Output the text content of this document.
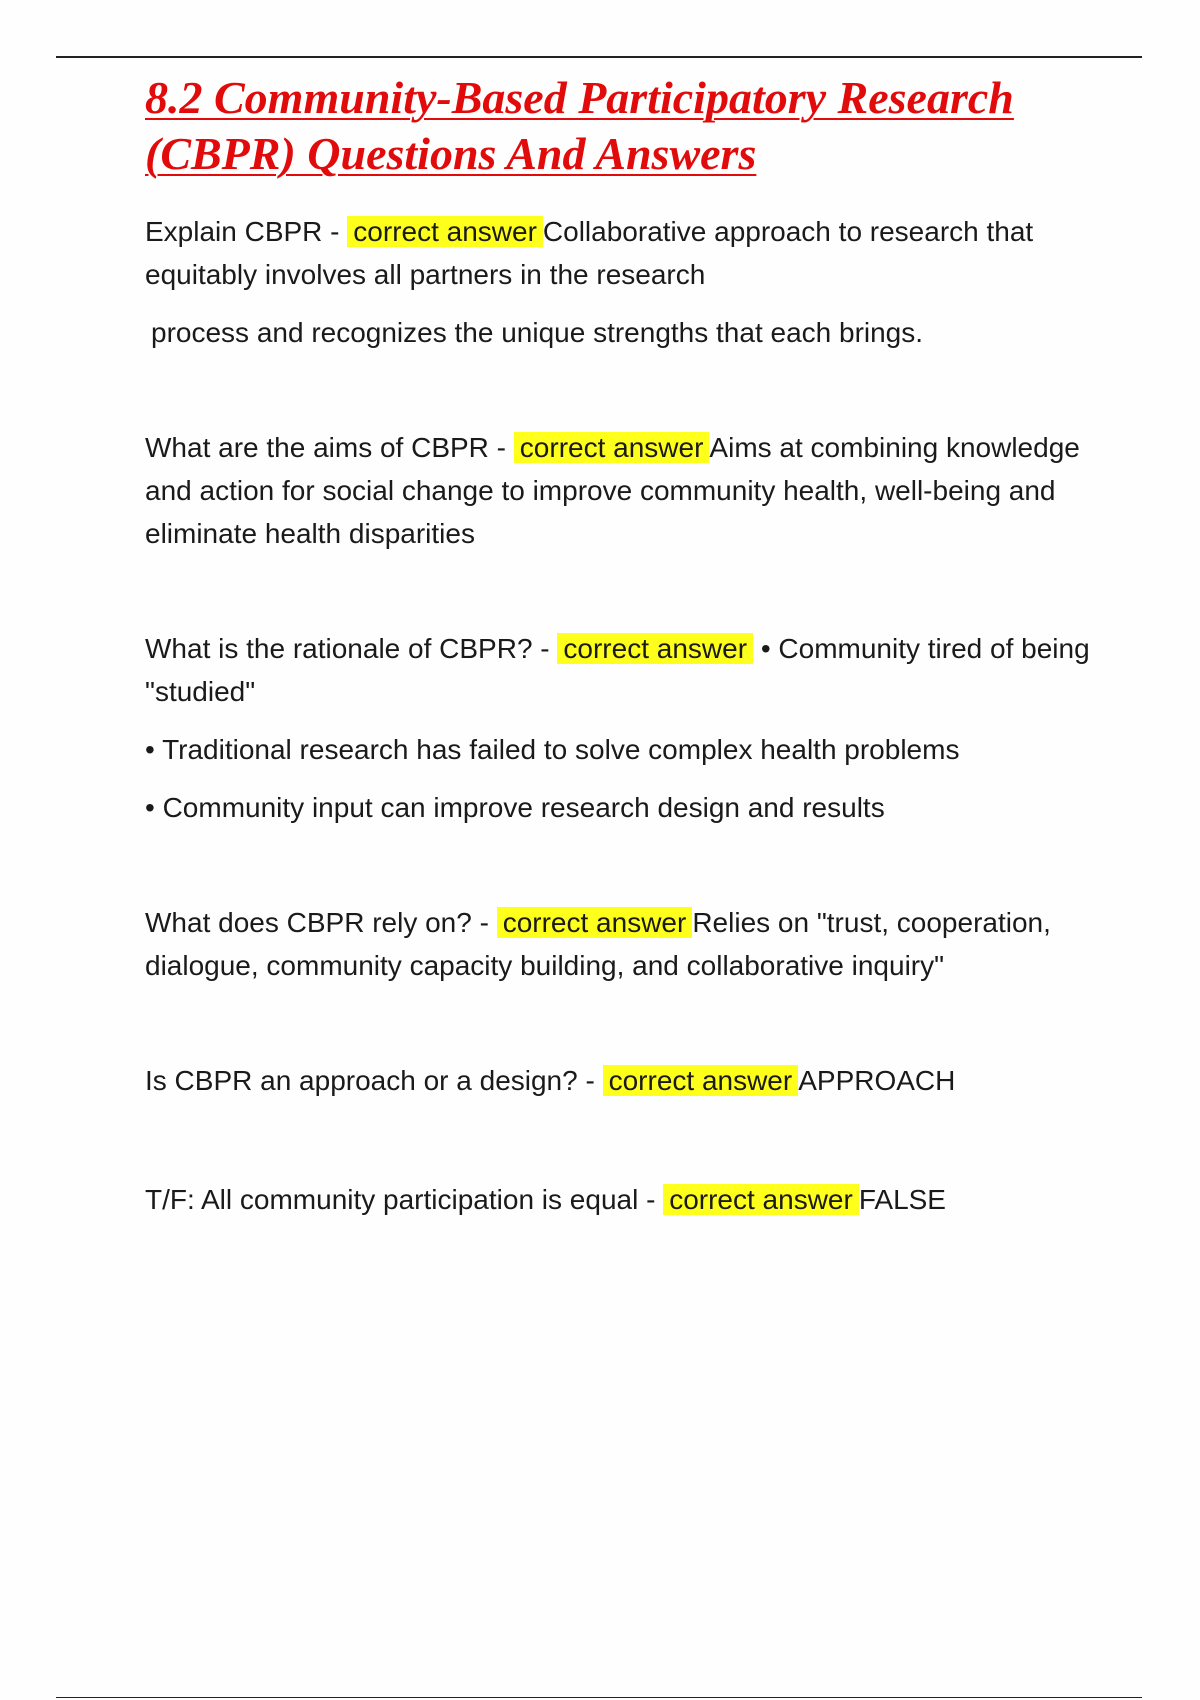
8.2 Community-Based Participatory Research (CBPR) Questions And Answers

Explain CBPR - correct answer Collaborative approach to research that equitably involves all partners in the research

process and recognizes the unique strengths that each brings.

What are the aims of CBPR - correct answer Aims at combining knowledge and action for social change to improve community health, well-being and eliminate health disparities

What is the rationale of CBPR? - correct answer • Community tired of being "studied"

• Traditional research has failed to solve complex health problems

• Community input can improve research design and results

What does CBPR rely on? - correct answer Relies on "trust, cooperation, dialogue, community capacity building, and collaborative inquiry"

Is CBPR an approach or a design? - correct answer APPROACH

T/F: All community participation is equal - correct answer FALSE
